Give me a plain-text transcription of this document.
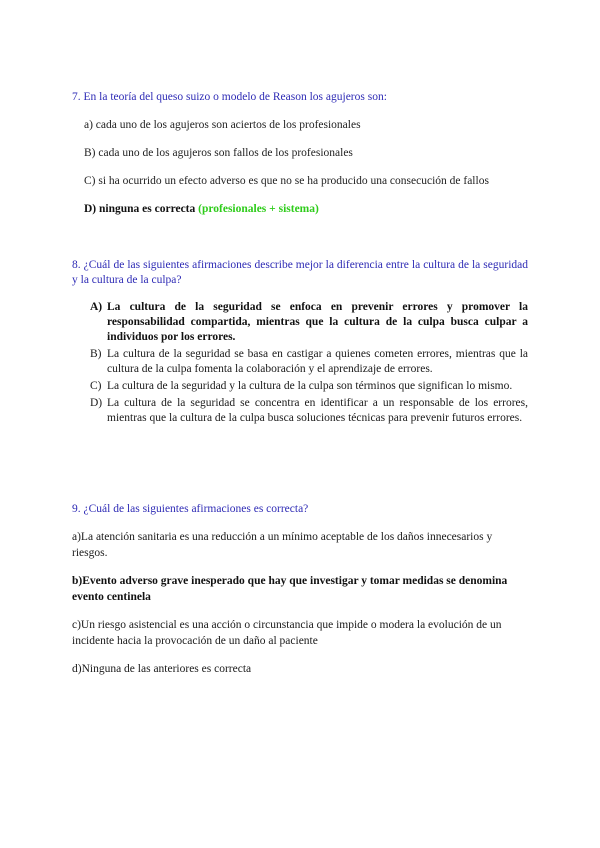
7. En la teoría del queso suizo o modelo de Reason los agujeros son:
a) cada uno de los agujeros son aciertos de los profesionales
B) cada uno de los agujeros son fallos de los profesionales
C) si ha ocurrido un efecto adverso es que no se ha producido una consecución de fallos
D) ninguna es correcta (profesionales + sistema)
8. ¿Cuál de las siguientes afirmaciones describe mejor la diferencia entre la cultura de la seguridad y la cultura de la culpa?
A) La cultura de la seguridad se enfoca en prevenir errores y promover la responsabilidad compartida, mientras que la cultura de la culpa busca culpar a individuos por los errores.
B) La cultura de la seguridad se basa en castigar a quienes cometen errores, mientras que la cultura de la culpa fomenta la colaboración y el aprendizaje de errores.
C) La cultura de la seguridad y la cultura de la culpa son términos que significan lo mismo.
D) La cultura de la seguridad se concentra en identificar a un responsable de los errores, mientras que la cultura de la culpa busca soluciones técnicas para prevenir futuros errores.
9. ¿Cuál de las siguientes afirmaciones es correcta?
a)La atención sanitaria es una reducción a un mínimo aceptable de los daños innecesarios y riesgos.
b)Evento adverso grave inesperado que hay que investigar y tomar medidas se denomina evento centinela
c)Un riesgo asistencial es una acción o circunstancia que impide o modera la evolución de un incidente hacia la provocación de un daño al paciente
d)Ninguna de las anteriores es correcta
